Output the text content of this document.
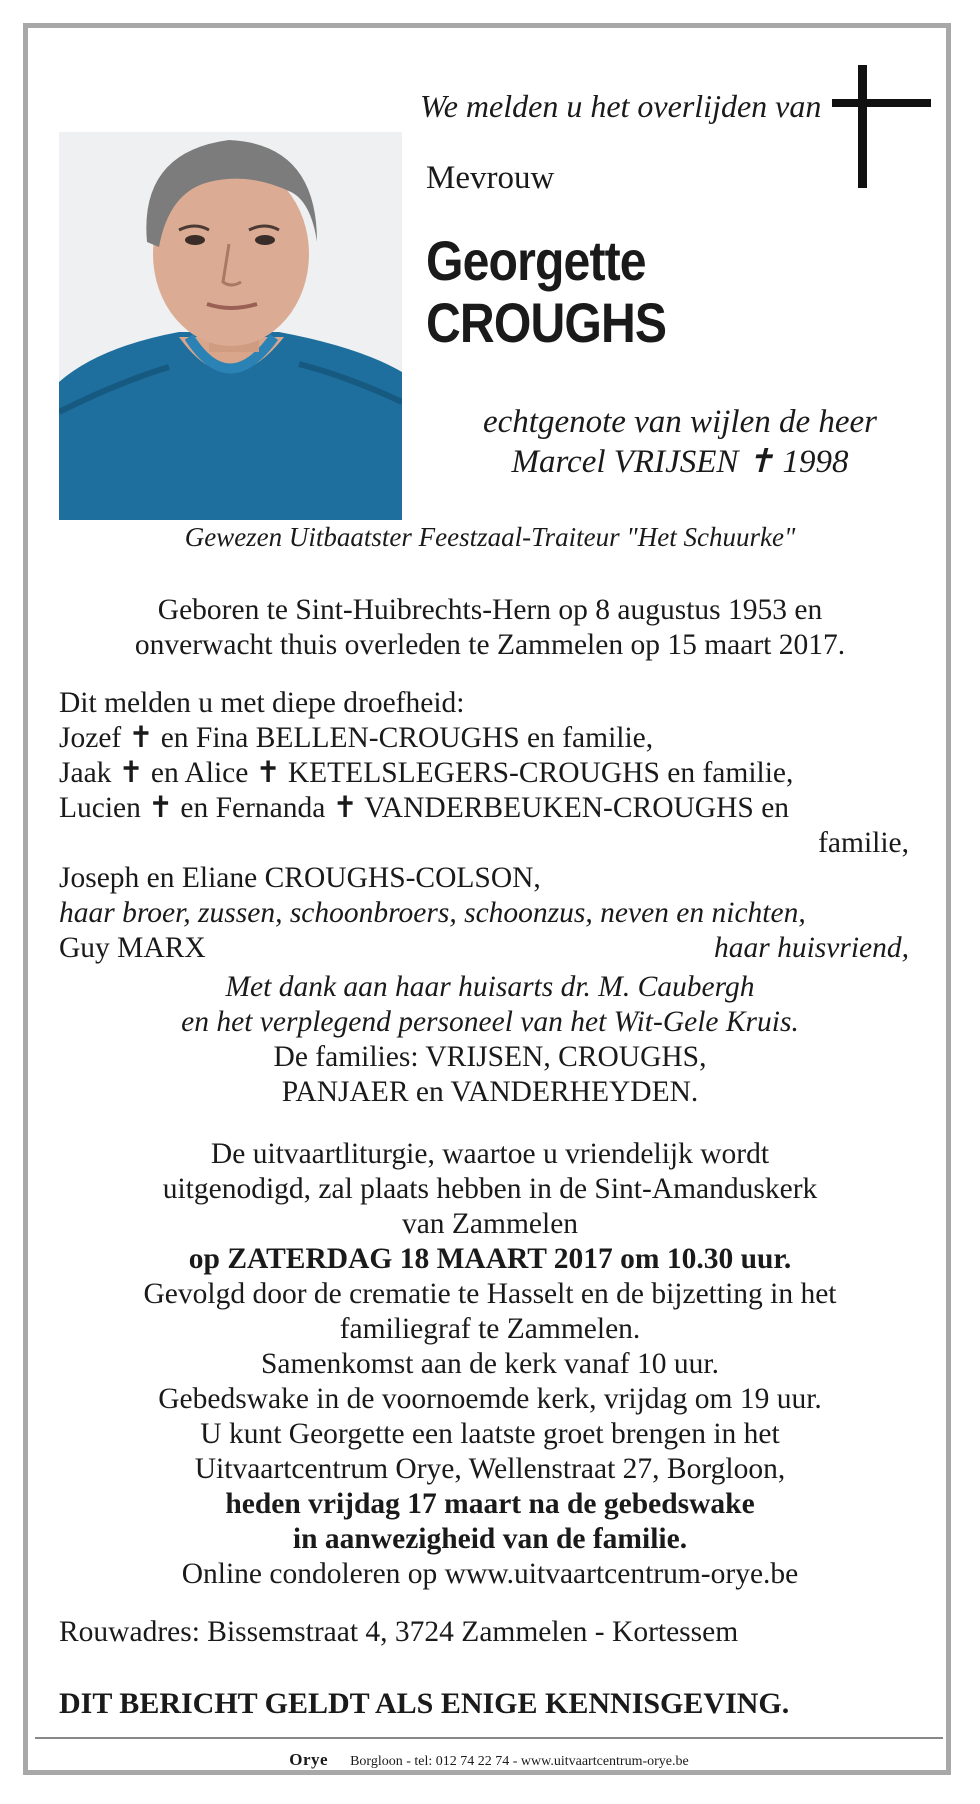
We melden u het overlijden van
Mevrouw
Georgette
CROUGHS
echtgenote van wijlen de heer
Marcel VRIJSEN ✝ 1998
Gewezen Uitbaatster Feestzaal-Traiteur "Het Schuurke"
Geboren te Sint-Huibrechts-Hern op 8 augustus 1953 en
onverwacht thuis overleden te Zammelen op 15 maart 2017.
Dit melden u met diepe droefheid:
Jozef ✝ en Fina BELLEN-CROUGHS en familie,
Jaak ✝ en Alice ✝ KETELSLEGERS-CROUGHS en familie,
Lucien ✝ en Fernanda ✝ VANDERBEUKEN-CROUGHS en
familie,
Joseph en Eliane CROUGHS-COLSON,
haar broer, zussen, schoonbroers, schoonzus, neven en nichten,
Guy MARX	haar huisvriend,
Met dank aan haar huisarts dr. M. Caubergh
en het verplegend personeel van het Wit-Gele Kruis.
De families: VRIJSEN, CROUGHS,
PANJAER en VANDERHEYDEN.
De uitvaartliturgie, waartoe u vriendelijk wordt
uitgenodigd, zal plaats hebben in de Sint-Amanduskerk
van Zammelen
op ZATERDAG 18 MAART 2017 om 10.30 uur.
Gevolgd door de crematie te Hasselt en de bijzetting in het
familiegraf te Zammelen.
Samenkomst aan de kerk vanaf 10 uur.
Gebedswake in de voornoemde kerk, vrijdag om 19 uur.
U kunt Georgette een laatste groet brengen in het
Uitvaartcentrum Orye, Wellenstraat 27, Borgloon,
heden vrijdag 17 maart na de gebedswake
in aanwezigheid van de familie.
Online condoleren op www.uitvaartcentrum-orye.be
Rouwadres: Bissemstraat 4, 3724 Zammelen - Kortessem
DIT BERICHT GELDT ALS ENIGE KENNISGEVING.
Orye Borgloon - tel: 012 74 22 74 - www.uitvaartcentrum-orye.be
